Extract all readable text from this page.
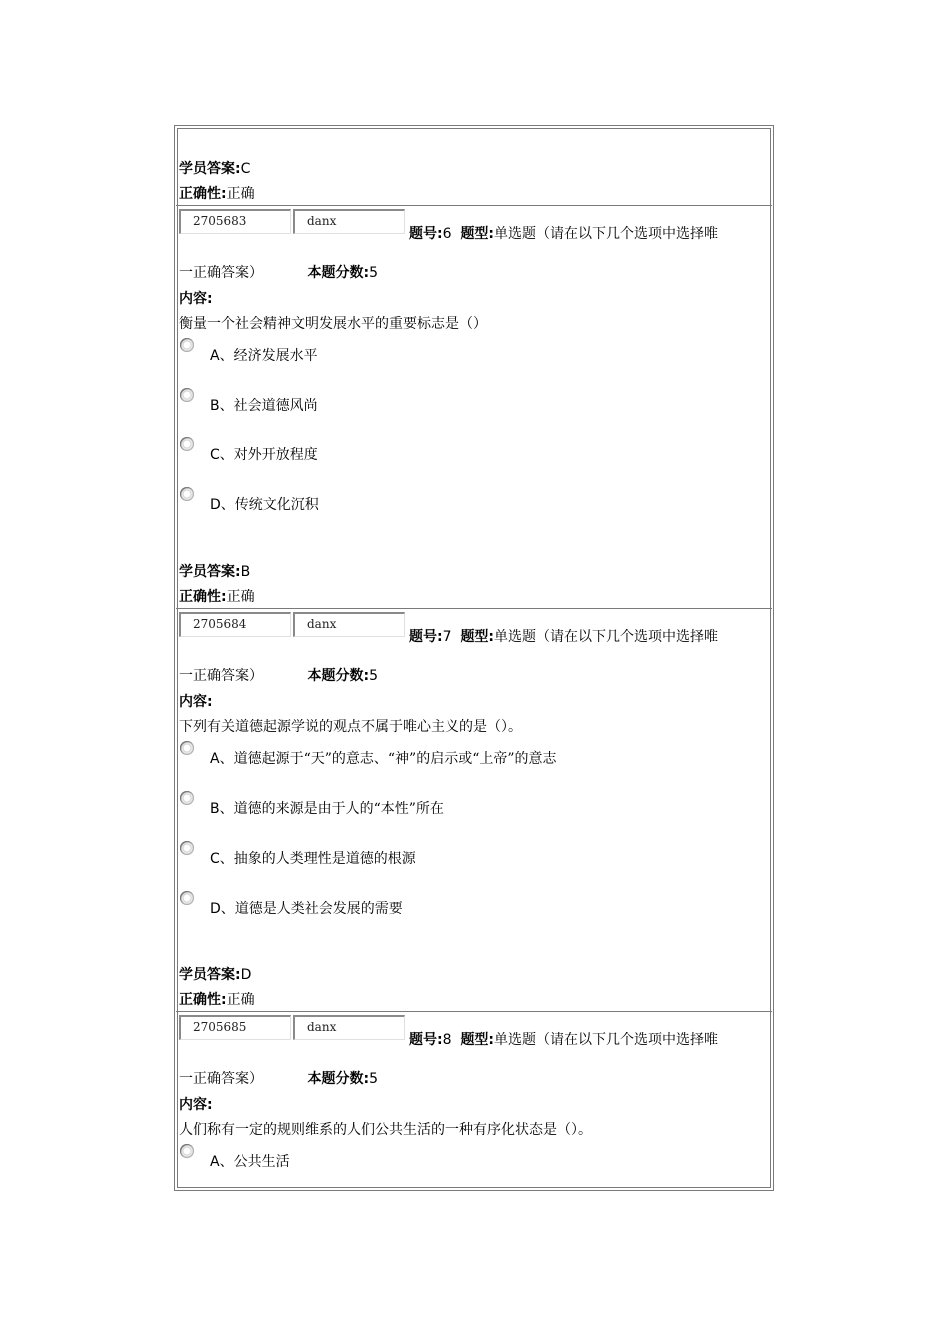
学员答案:C
正确性:正确
2705683	danx
题号:6 题型:单选题（请在以下几个选项中选择唯
一正确答案）	本题分数:5
内容:
衡量一个社会精神文明发展水平的重要标志是（）
A、经济发展水平
B、社会道德风尚
C、对外开放程度
D、传统文化沉积
学员答案:B
正确性:正确
2705684	danx
题号:7 题型:单选题（请在以下几个选项中选择唯
一正确答案）	本题分数:5
内容:
下列有关道德起源学说的观点不属于唯心主义的是（）。
A、道德起源于“天”的意志、“神”的启示或“上帝”的意志
B、道德的来源是由于人的“本性”所在
C、抽象的人类理性是道德的根源
D、道德是人类社会发展的需要
学员答案:D
正确性:正确
2705685	danx
题号:8 题型:单选题（请在以下几个选项中选择唯
一正确答案）	本题分数:5
内容:
人们称有一定的规则维系的人们公共生活的一种有序化状态是（）。
A、公共生活
